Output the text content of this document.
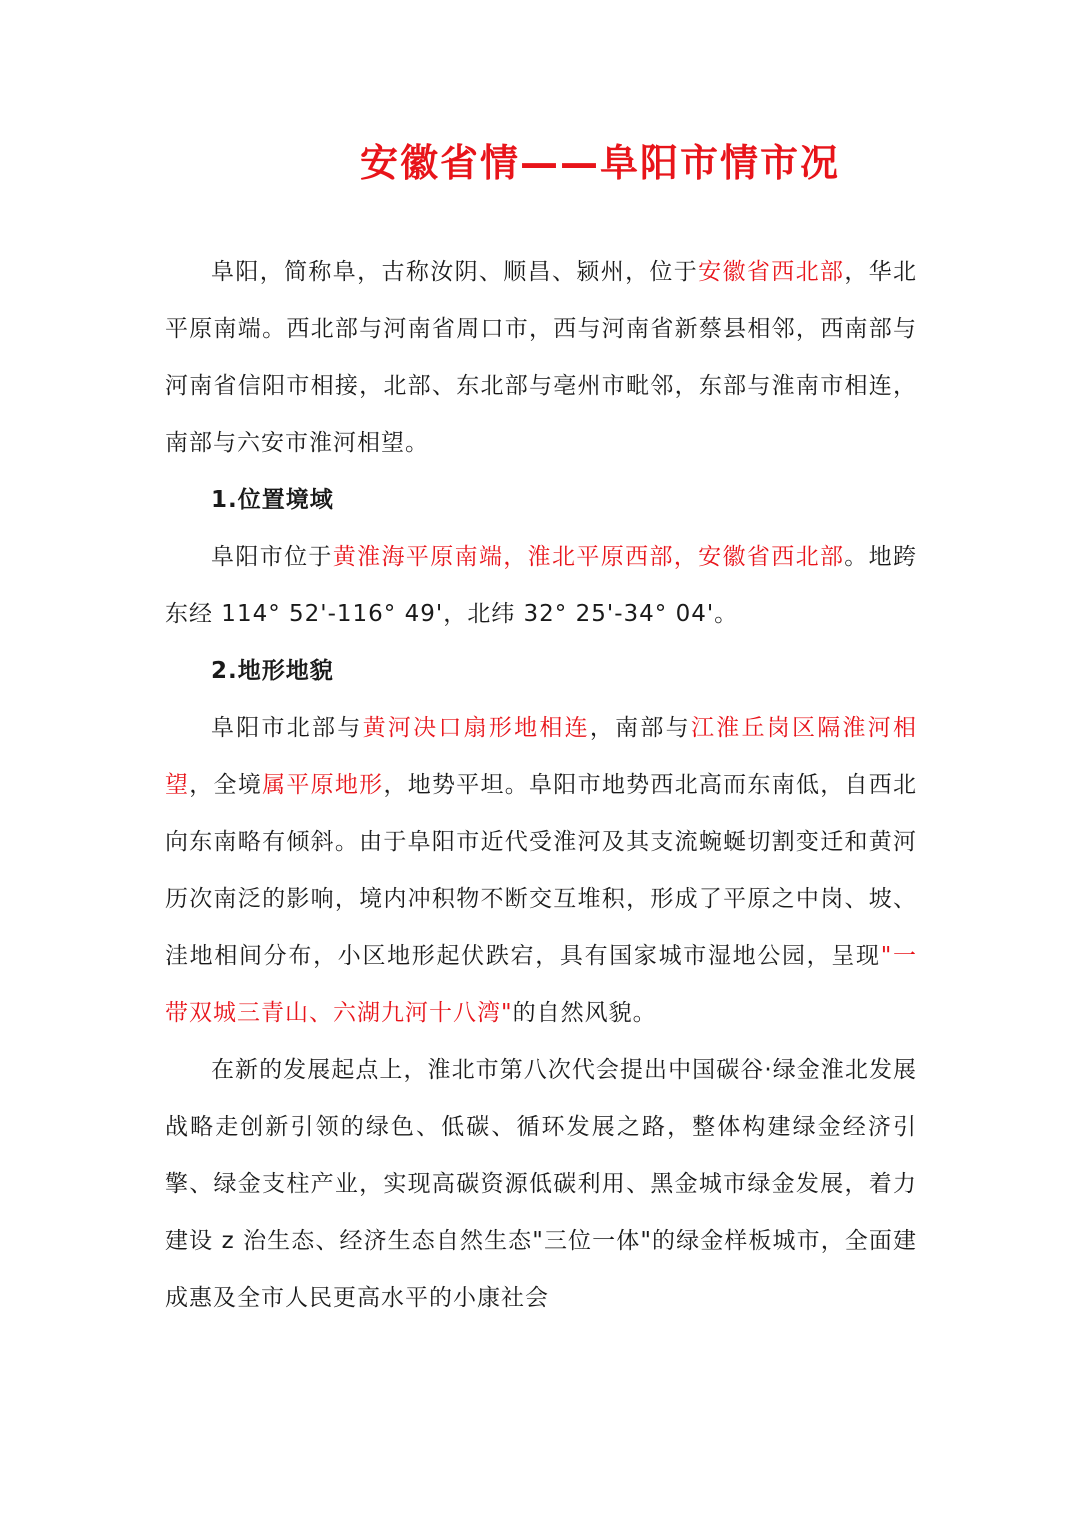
安徽省情——阜阳市情市况

阜阳，简称阜，古称汝阴、顺昌、颍州，位于安徽省西北部，华北平原南端。西北部与河南省周口市，西与河南省新蔡县相邻，西南部与河南省信阳市相接，北部、东北部与亳州市毗邻，东部与淮南市相连，南部与六安市淮河相望。

1.位置境域

阜阳市位于黄淮海平原南端，淮北平原西部，安徽省西北部。地跨东经 114° 52'-116° 49'，北纬 32° 25'-34° 04'。

2.地形地貌

阜阳市北部与黄河决口扇形地相连，南部与江淮丘岗区隔淮河相望，全境属平原地形，地势平坦。阜阳市地势西北高而东南低，自西北向东南略有倾斜。由于阜阳市近代受淮河及其支流蜿蜒切割变迁和黄河历次南泛的影响，境内冲积物不断交互堆积，形成了平原之中岗、坡、洼地相间分布，小区地形起伏跌宕，具有国家城市湿地公园，呈现"一带双城三青山、六湖九河十八湾"的自然风貌。

在新的发展起点上，淮北市第八次代会提出中国碳谷·绿金淮北发展战略走创新引领的绿色、低碳、循环发展之路，整体构建绿金经济引擎、绿金支柱产业，实现高碳资源低碳利用、黑金城市绿金发展，着力建设 z 治生态、经济生态自然生态"三位一体"的绿金样板城市，全面建成惠及全市人民更高水平的小康社会
